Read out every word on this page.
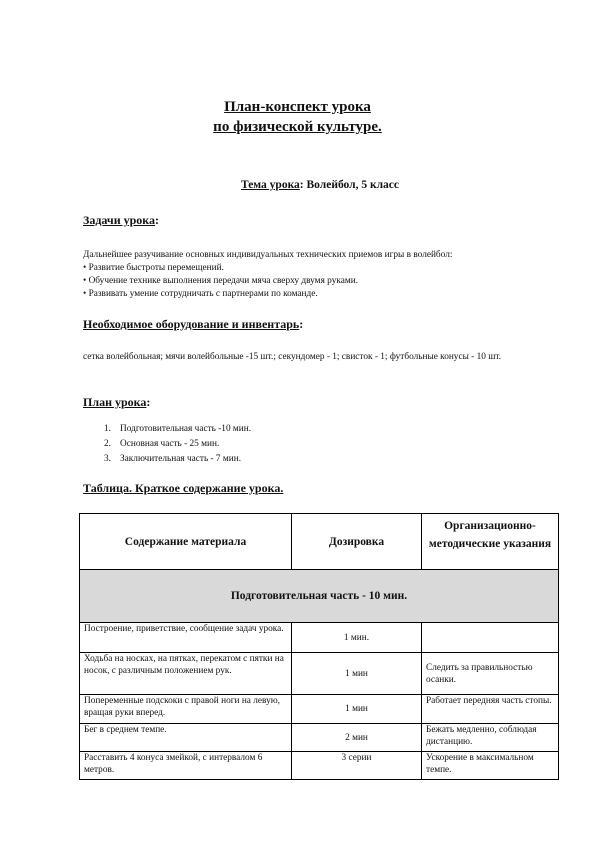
План-конспект урока
по физической культуре.
Тема урока: Волейбол, 5 класс
Задачи урока:
Дальнейшее разучивание основных индивидуальных технических приемов игры в волейбол:
• Развитие быстроты перемещений.
• Обучение технике выполнения передачи мяча сверху двумя руками.
• Развивать умение сотрудничать с партнерами по команде.
Необходимое оборудование и инвентарь:
сетка волейбольная; мячи волейбольные -15 шт.; секундомер - 1; свисток - 1; футбольные конусы - 10 шт.
План урока:
1. Подготовительная часть -10 мин.
2. Основная часть - 25 мин.
3. Заключительная часть - 7 мин.
Таблица. Краткое содержание урока.
Содержание материала	Дозировка	Организационно-методические указания
Подготовительная часть - 10 мин.		
Построение, приветствие, сообщение задач урока.	1 мин.	
Ходьба на носках, на пятках, перекатом с пятки на носок, с различным положением рук.	1 мин	Следить за правильностью осанки.
Попеременные подскоки с правой ноги на левую, вращая руки вперед.	1 мин	Работает передняя часть стопы.
Бег в среднем темпе.	2 мин	Бежать медленно, соблюдая дистанцию.
Расставить 4 конуса змейкой, с интервалом 6 метров.	3 серии	Ускорение в максимальном темпе.
